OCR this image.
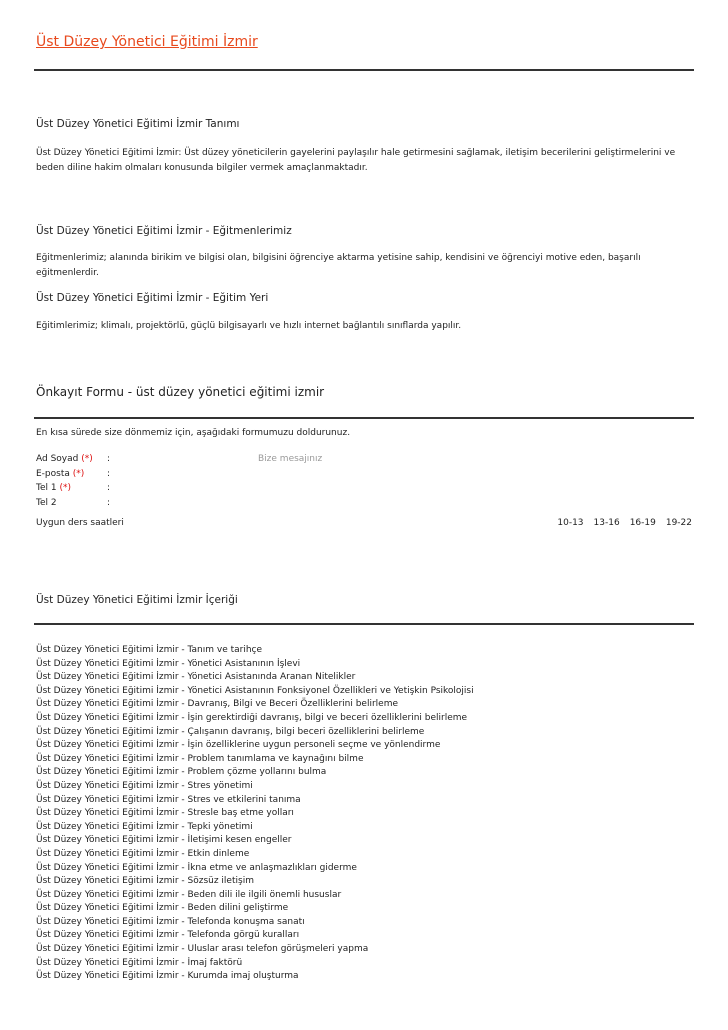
Üst Düzey Yönetici Eğitimi İzmir
Üst Düzey Yönetici Eğitimi İzmir Tanımı
Üst Düzey Yönetici Eğitimi İzmir: Üst düzey yöneticilerin gayelerini paylaşılır hale getirmesini sağlamak, iletişim becerilerini geliştirmelerini ve beden diline hakim olmaları konusunda bilgiler vermek amaçlanmaktadır.
Üst Düzey Yönetici Eğitimi İzmir - Eğitmenlerimiz
Eğitmenlerimiz; alanında birikim ve bilgisi olan, bilgisini öğrenciye aktarma yetisine sahip, kendisini ve öğrenciyi motive eden, başarılı eğitmenlerdir.
Üst Düzey Yönetici Eğitimi İzmir - Eğitim Yeri
Eğitimlerimiz; klimalı, projektörlü, güçlü bilgisayarlı ve hızlı internet bağlantılı sınıflarda yapılır.
Önkayıt Formu - üst düzey yönetici eğitimi izmir
En kısa sürede size dönmemiz için, aşağıdaki formumuzu doldurunuz.
Ad Soyad (*) :
E-posta (*)	:
Tel 1 (*)	:
Tel 2	:
Bize mesajınız
Uygun ders saatleri	10-13 13-16 16-19 19-22
Üst Düzey Yönetici Eğitimi İzmir İçeriği
Üst Düzey Yönetici Eğitimi İzmir - Tanım ve tarihçe
Üst Düzey Yönetici Eğitimi İzmir - Yönetici Asistanının İşlevi
Üst Düzey Yönetici Eğitimi İzmir - Yönetici Asistanında Aranan Nitelikler
Üst Düzey Yönetici Eğitimi İzmir - Yönetici Asistanının Fonksiyonel Özellikleri ve Yetişkin Psikolojisi
Üst Düzey Yönetici Eğitimi İzmir - Davranış, Bilgi ve Beceri Özelliklerini belirleme
Üst Düzey Yönetici Eğitimi İzmir - İşin gerektirdiği davranış, bilgi ve beceri özelliklerini belirleme
Üst Düzey Yönetici Eğitimi İzmir - Çalışanın davranış, bilgi beceri özelliklerini belirleme
Üst Düzey Yönetici Eğitimi İzmir - İşin özelliklerine uygun personeli seçme ve yönlendirme
Üst Düzey Yönetici Eğitimi İzmir - Problem tanımlama ve kaynağını bilme
Üst Düzey Yönetici Eğitimi İzmir - Problem çözme yollarını bulma
Üst Düzey Yönetici Eğitimi İzmir - Stres yönetimi
Üst Düzey Yönetici Eğitimi İzmir - Stres ve etkilerini tanıma
Üst Düzey Yönetici Eğitimi İzmir - Stresle baş etme yolları
Üst Düzey Yönetici Eğitimi İzmir - Tepki yönetimi
Üst Düzey Yönetici Eğitimi İzmir - İletişimi kesen engeller
Üst Düzey Yönetici Eğitimi İzmir - Etkin dinleme
Üst Düzey Yönetici Eğitimi İzmir - İkna etme ve anlaşmazlıkları giderme
Üst Düzey Yönetici Eğitimi İzmir - Sözsüz iletişim
Üst Düzey Yönetici Eğitimi İzmir - Beden dili ile ilgili önemli hususlar
Üst Düzey Yönetici Eğitimi İzmir - Beden dilini geliştirme
Üst Düzey Yönetici Eğitimi İzmir - Telefonda konuşma sanatı
Üst Düzey Yönetici Eğitimi İzmir - Telefonda görgü kuralları
Üst Düzey Yönetici Eğitimi İzmir - Uluslar arası telefon görüşmeleri yapma
Üst Düzey Yönetici Eğitimi İzmir - İmaj faktörü
Üst Düzey Yönetici Eğitimi İzmir - Kurumda imaj oluşturma
